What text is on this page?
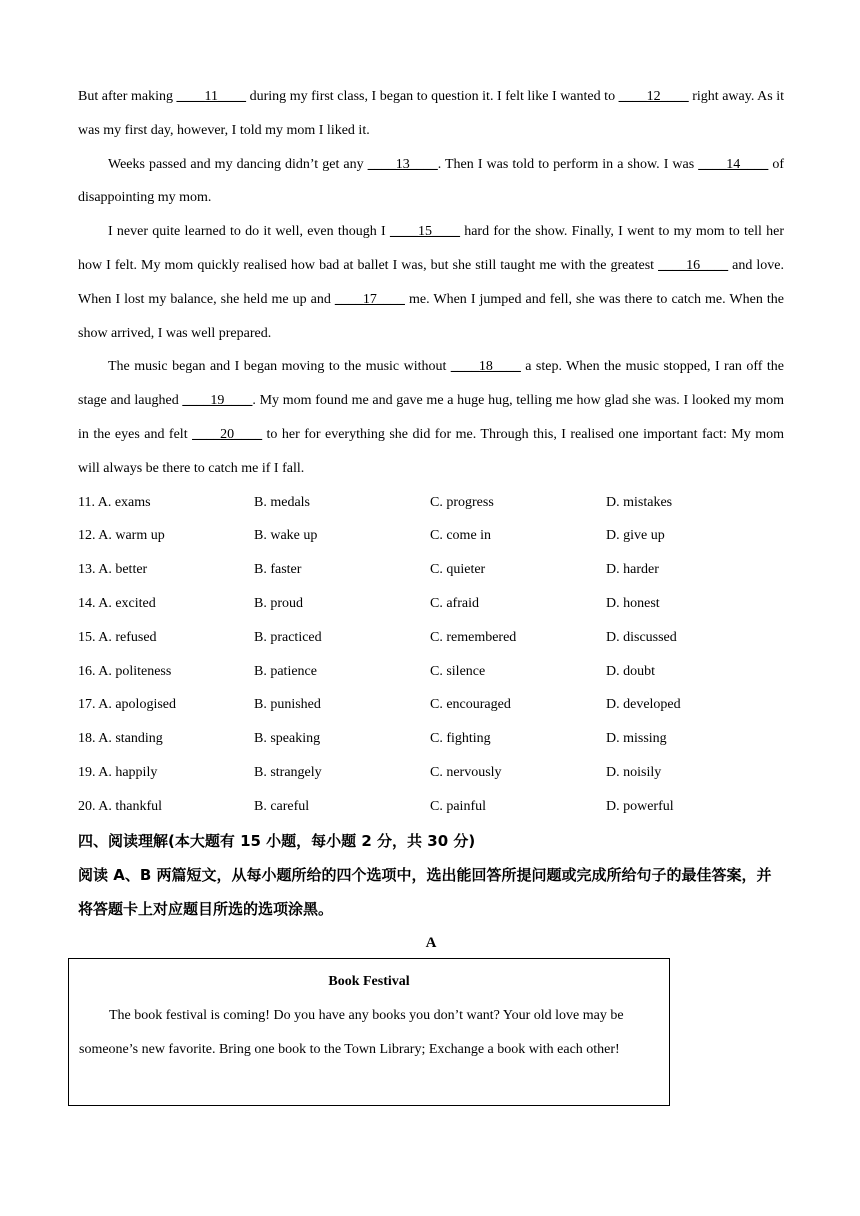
But after making ____11____ during my first class, I began to question it. I felt like I wanted to ____12____ right away. As it was my first day, however, I told my mom I liked it.

Weeks passed and my dancing didn’t get any ____13____. Then I was told to perform in a show. I was ____14____ of disappointing my mom.

I never quite learned to do it well, even though I ____15____ hard for the show. Finally, I went to my mom to tell her how I felt. My mom quickly realised how bad at ballet I was, but she still taught me with the greatest ____16____ and love. When I lost my balance, she held me up and ____17____ me. When I jumped and fell, she was there to catch me. When the show arrived, I was well prepared.

The music began and I began moving to the music without ____18____ a step. When the music stopped, I ran off the stage and laughed ____19____. My mom found me and gave me a huge hug, telling me how glad she was. I looked my mom in the eyes and felt ____20____ to her for everything she did for me. Through this, I realised one important fact: My mom will always be there to catch me if I fall.

11. A. exams	B. medals	C. progress	D. mistakes
12. A. warm up	B. wake up	C. come in	D. give up
13. A. better	B. faster	C. quieter	D. harder
14. A. excited	B. proud	C. afraid	D. honest
15. A. refused	B. practiced	C. remembered	D. discussed
16. A. politeness	B. patience	C. silence	D. doubt
17. A. apologised	B. punished	C. encouraged	D. developed
18. A. standing	B. speaking	C. fighting	D. missing
19. A. happily	B. strangely	C. nervously	D. noisily
20. A. thankful	B. careful	C. painful	D. powerful

四、阅读理解(本大题有 15 小题，每小题 2 分，共 30 分)

阅读 A、B 两篇短文，从每小题所给的四个选项中，选出能回答所提问题或完成所给句子的最佳答案，并将答题卡上对应题目所选的选项涂黑。

A

Book Festival

The book festival is coming! Do you have any books you don’t want? Your old love may be someone’s new favorite. Bring one book to the Town Library; Exchange a book with each other!
